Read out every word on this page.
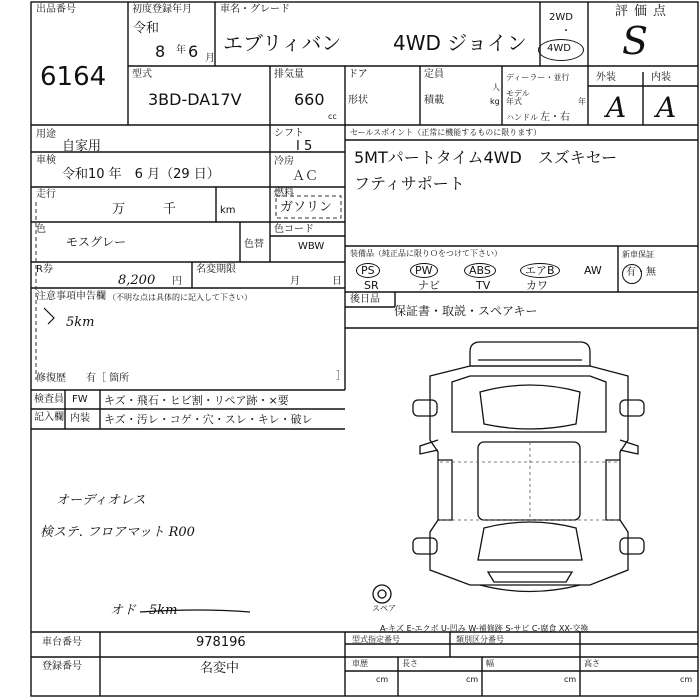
出品番号
6164
初度登録年月
令和
8 年 6 月
車名・グレード
エブリィバン	4WD ジョイン
2WD
・
4WD
評価点
S
型式
3BD-DA17V
排気量
660
cc
ドア
形状
定員
人
積載	kg
ディーラー・並行
モデル年式	年
ハンドル 左・右
外装	内装
A A
用途
自家用
車検
令和10 年　6 月（29 日）
走行
万　　千	km
シフト
I 5
冷房
ＡＣ
燃料
ガソリン
色
モスグレー	色替
色コード
WBW
R券
8,200 円
名変期限
月　　日
注意事項申告欄 （不明な点は具体的に記入して下さい）
5km
修復歴 有［ 箇所	］
検査員
記入欄
FW キズ・飛石・ヒビ割・リペア跡・×要
内装 キズ・汚レ・コゲ・穴・スレ・キレ・破レ
オーディオレス
検ステ. フロアマット R00
オド　5km
セールスポイント（正常に機能するものに限ります）
5MTパートタイム4WD　スズキセー
フティサポート
装備品（純正品に限りＯをつけて下さい）
PS	PW	ABS	エアB	AW
SR	ナビ	TV	カワ
新車保証
有・無
後日品
保証書・取説・スペアキー
スペア
A-キズ E-エクボ U-凹み W-補修跡 S-サビ C-腐食 XX-交換
車台番号	978196
登録番号	名変中
型式指定番号	類別区分番号
車歴	長さ	幅	高さ
cm	cm	cm	cm
